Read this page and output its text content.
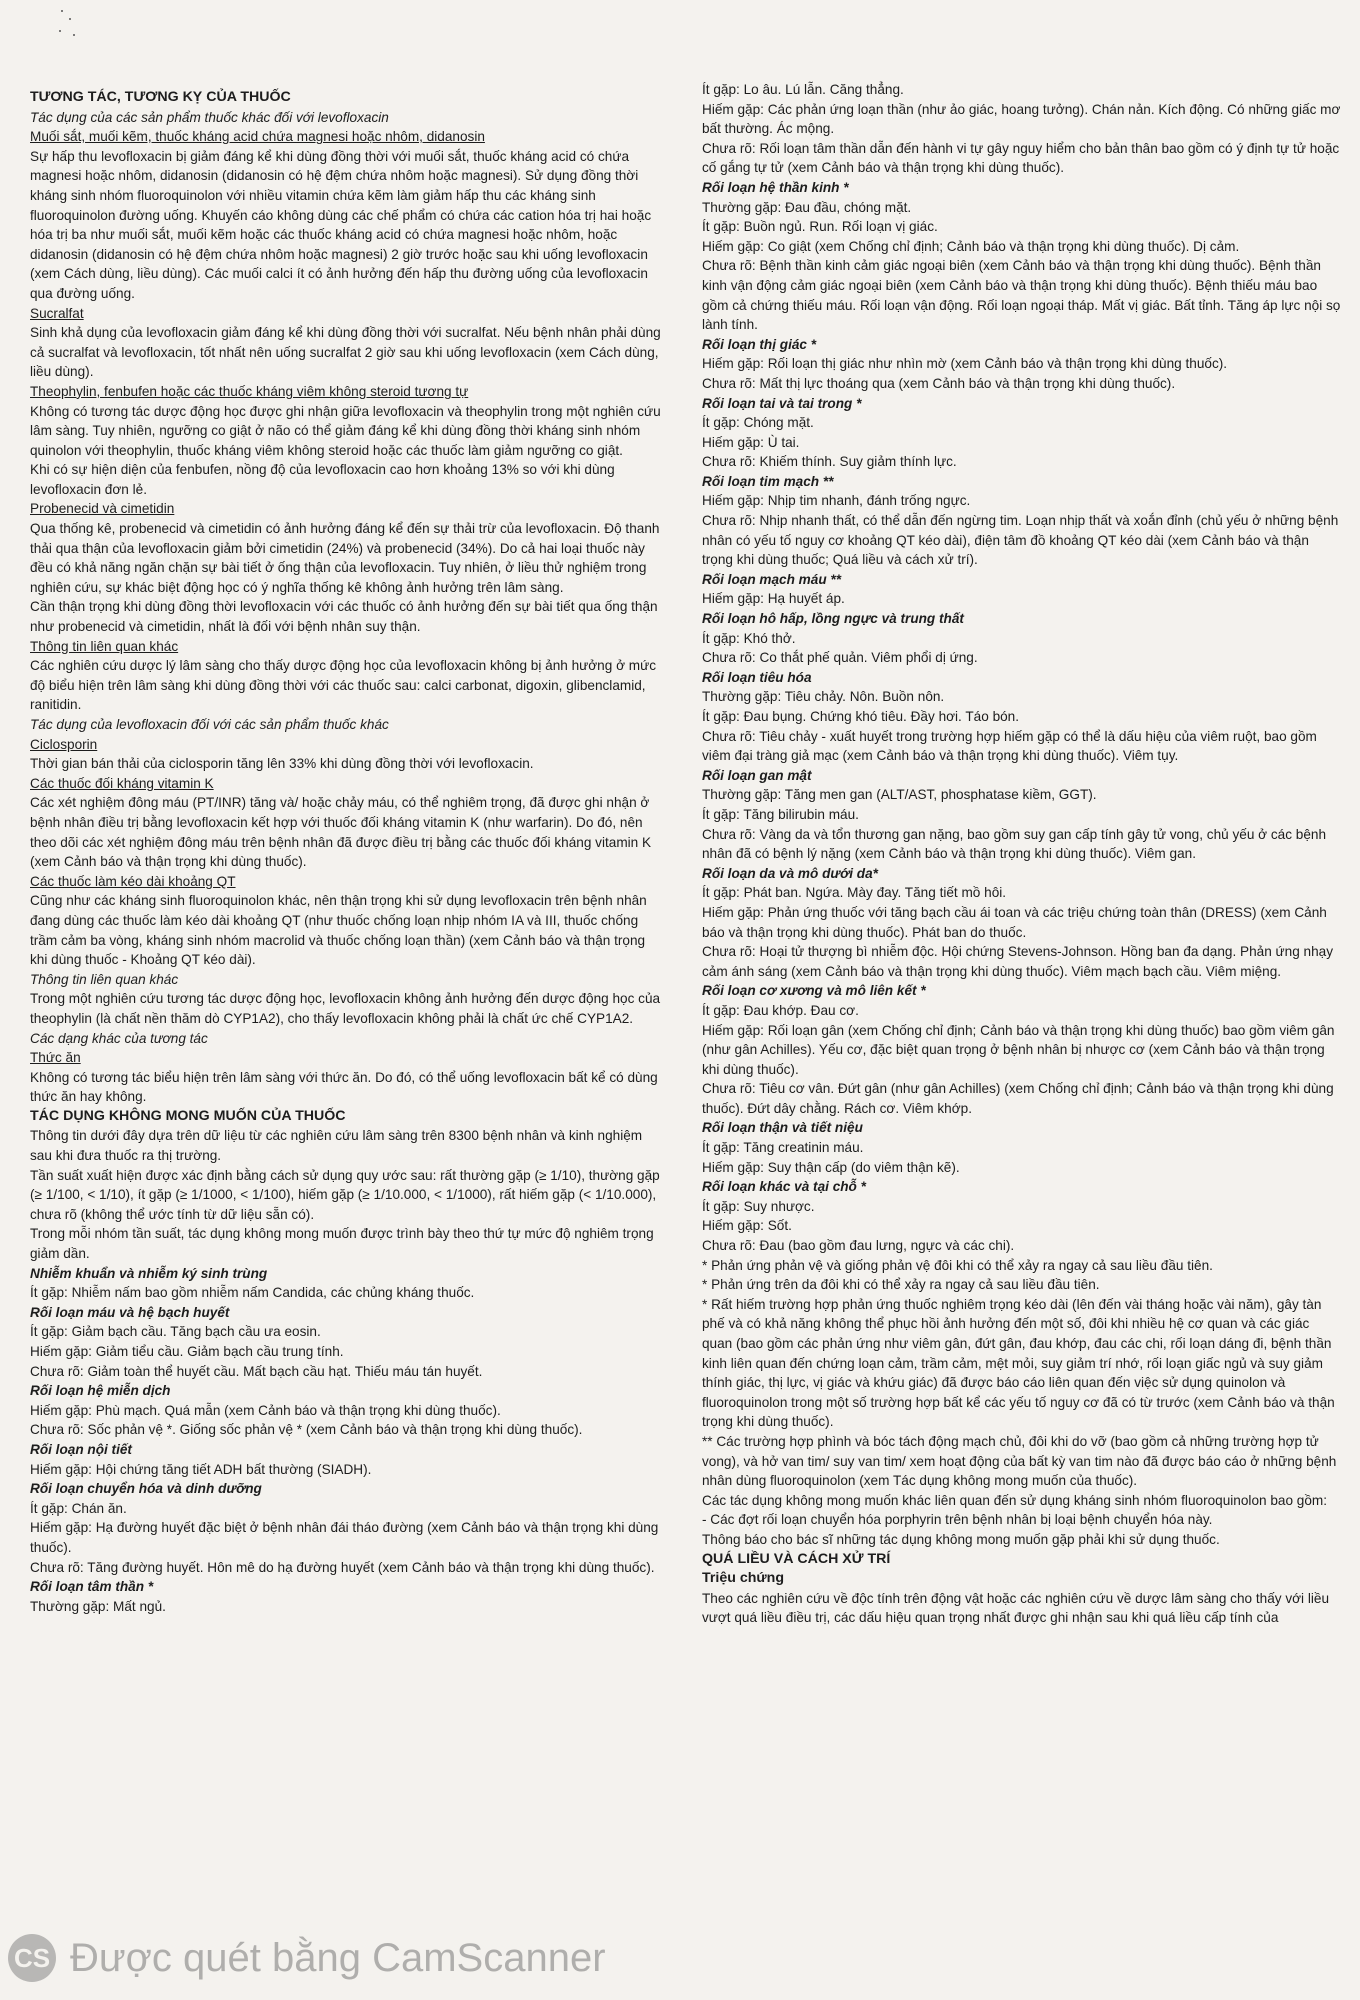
TƯƠNG TÁC, TƯƠNG KỴ CỦA THUỐC

Tác dụng của các sản phẩm thuốc khác đối với levofloxacin

Muối sắt, muối kẽm, thuốc kháng acid chứa magnesi hoặc nhôm, didanosin

Sự hấp thu levofloxacin bị giảm đáng kể khi dùng đồng thời với muối sắt, thuốc kháng acid có chứa magnesi hoặc nhôm, didanosin (didanosin có hệ đệm chứa nhôm hoặc magnesi). Sử dụng đồng thời kháng sinh nhóm fluoroquinolon với nhiều vitamin chứa kẽm làm giảm hấp thu các kháng sinh fluoroquinolon đường uống. Khuyến cáo không dùng các chế phẩm có chứa các cation hóa trị hai hoặc hóa trị ba như muối sắt, muối kẽm hoặc các thuốc kháng acid có chứa magnesi hoặc nhôm, hoặc didanosin (didanosin có hệ đệm chứa nhôm hoặc magnesi) 2 giờ trước hoặc sau khi uống levofloxacin (xem Cách dùng, liều dùng). Các muối calci ít có ảnh hưởng đến hấp thu đường uống của levofloxacin qua đường uống.

Sucralfat

Sinh khả dụng của levofloxacin giảm đáng kể khi dùng đồng thời với sucralfat. Nếu bệnh nhân phải dùng cả sucralfat và levofloxacin, tốt nhất nên uống sucralfat 2 giờ sau khi uống levofloxacin (xem Cách dùng, liều dùng).

Theophylin, fenbufen hoặc các thuốc kháng viêm không steroid tương tự

Không có tương tác dược động học được ghi nhận giữa levofloxacin và theophylin trong một nghiên cứu lâm sàng. Tuy nhiên, ngưỡng co giật ở não có thể giảm đáng kể khi dùng đồng thời kháng sinh nhóm quinolon với theophylin, thuốc kháng viêm không steroid hoặc các thuốc làm giảm ngưỡng co giật.

Khi có sự hiện diện của fenbufen, nồng độ của levofloxacin cao hơn khoảng 13% so với khi dùng levofloxacin đơn lẻ.

Probenecid và cimetidin

Qua thống kê, probenecid và cimetidin có ảnh hưởng đáng kể đến sự thải trừ của levofloxacin. Độ thanh thải qua thận của levofloxacin giảm bởi cimetidin (24%) và probenecid (34%). Do cả hai loại thuốc này đều có khả năng ngăn chặn sự bài tiết ở ống thận của levofloxacin. Tuy nhiên, ở liều thử nghiệm trong nghiên cứu, sự khác biệt động học có ý nghĩa thống kê không ảnh hưởng trên lâm sàng.

Cần thận trọng khi dùng đồng thời levofloxacin với các thuốc có ảnh hưởng đến sự bài tiết qua ống thận như probenecid và cimetidin, nhất là đối với bệnh nhân suy thận.

Thông tin liên quan khác

Các nghiên cứu dược lý lâm sàng cho thấy dược động học của levofloxacin không bị ảnh hưởng ở mức độ biểu hiện trên lâm sàng khi dùng đồng thời với các thuốc sau: calci carbonat, digoxin, glibenclamid, ranitidin.

Tác dụng của levofloxacin đối với các sản phẩm thuốc khác

Ciclosporin

Thời gian bán thải của ciclosporin tăng lên 33% khi dùng đồng thời với levofloxacin.

Các thuốc đối kháng vitamin K

Các xét nghiệm đông máu (PT/INR) tăng và/ hoặc chảy máu, có thể nghiêm trọng, đã được ghi nhận ở bệnh nhân điều trị bằng levofloxacin kết hợp với thuốc đối kháng vitamin K (như warfarin). Do đó, nên theo dõi các xét nghiệm đông máu trên bệnh nhân đã được điều trị bằng các thuốc đối kháng vitamin K (xem Cảnh báo và thận trọng khi dùng thuốc).

Các thuốc làm kéo dài khoảng QT

Cũng như các kháng sinh fluoroquinolon khác, nên thận trọng khi sử dụng levofloxacin trên bệnh nhân đang dùng các thuốc làm kéo dài khoảng QT (như thuốc chống loạn nhịp nhóm IA và III, thuốc chống trầm cảm ba vòng, kháng sinh nhóm macrolid và thuốc chống loạn thần) (xem Cảnh báo và thận trọng khi dùng thuốc - Khoảng QT kéo dài).

Thông tin liên quan khác

Trong một nghiên cứu tương tác dược động học, levofloxacin không ảnh hưởng đến dược động học của theophylin (là chất nền thăm dò CYP1A2), cho thấy levofloxacin không phải là chất ức chế CYP1A2.

Các dạng khác của tương tác

Thức ăn

Không có tương tác biểu hiện trên lâm sàng với thức ăn. Do đó, có thể uống levofloxacin bất kể có dùng thức ăn hay không.

TÁC DỤNG KHÔNG MONG MUỐN CỦA THUỐC

Thông tin dưới đây dựa trên dữ liệu từ các nghiên cứu lâm sàng trên 8300 bệnh nhân và kinh nghiệm sau khi đưa thuốc ra thị trường.

Tần suất xuất hiện được xác định bằng cách sử dụng quy ước sau: rất thường gặp (≥ 1/10), thường gặp (≥ 1/100, < 1/10), ít gặp (≥ 1/1000, < 1/100), hiếm gặp (≥ 1/10.000, < 1/1000), rất hiếm gặp (< 1/10.000), chưa rõ (không thể ước tính từ dữ liệu sẵn có).

Trong mỗi nhóm tần suất, tác dụng không mong muốn được trình bày theo thứ tự mức độ nghiêm trọng giảm dần.

Nhiễm khuẩn và nhiễm ký sinh trùng

Ít gặp: Nhiễm nấm bao gồm nhiễm nấm Candida, các chủng kháng thuốc.

Rối loạn máu và hệ bạch huyết

Ít gặp: Giảm bạch cầu. Tăng bạch cầu ưa eosin.

Hiếm gặp: Giảm tiểu cầu. Giảm bạch cầu trung tính.

Chưa rõ: Giảm toàn thể huyết cầu. Mất bạch cầu hạt. Thiếu máu tán huyết.

Rối loạn hệ miễn dịch

Hiếm gặp: Phù mạch. Quá mẫn (xem Cảnh báo và thận trọng khi dùng thuốc).

Chưa rõ: Sốc phản vệ *. Giống sốc phản vệ * (xem Cảnh báo và thận trọng khi dùng thuốc).

Rối loạn nội tiết

Hiếm gặp: Hội chứng tăng tiết ADH bất thường (SIADH).

Rối loạn chuyển hóa và dinh dưỡng

Ít gặp: Chán ăn.

Hiếm gặp: Hạ đường huyết đặc biệt ở bệnh nhân đái tháo đường (xem Cảnh báo và thận trọng khi dùng thuốc).

Chưa rõ: Tăng đường huyết. Hôn mê do hạ đường huyết (xem Cảnh báo và thận trọng khi dùng thuốc).

Rối loạn tâm thần *

Thường gặp: Mất ngủ.

Ít gặp: Lo âu. Lú lẫn. Căng thẳng.

Hiếm gặp: Các phản ứng loạn thần (như ảo giác, hoang tưởng). Chán nản. Kích động. Có những giấc mơ bất thường. Ác mộng.

Chưa rõ: Rối loạn tâm thần dẫn đến hành vi tự gây nguy hiểm cho bản thân bao gồm có ý định tự tử hoặc cố gắng tự tử (xem Cảnh báo và thận trọng khi dùng thuốc).

Rối loạn hệ thần kinh *

Thường gặp: Đau đầu, chóng mặt.

Ít gặp: Buồn ngủ. Run. Rối loạn vị giác.

Hiếm gặp: Co giật (xem Chống chỉ định; Cảnh báo và thận trọng khi dùng thuốc). Dị cảm.

Chưa rõ: Bệnh thần kinh cảm giác ngoại biên (xem Cảnh báo và thận trọng khi dùng thuốc). Bệnh thần kinh vận động cảm giác ngoại biên (xem Cảnh báo và thận trọng khi dùng thuốc). Bệnh thiếu máu bao gồm cả chứng thiếu máu. Rối loạn vận động. Rối loạn ngoại tháp. Mất vị giác. Bất tỉnh. Tăng áp lực nội sọ lành tính.

Rối loạn thị giác *

Hiếm gặp: Rối loạn thị giác như nhìn mờ (xem Cảnh báo và thận trọng khi dùng thuốc).

Chưa rõ: Mất thị lực thoáng qua (xem Cảnh báo và thận trọng khi dùng thuốc).

Rối loạn tai và tai trong *

Ít gặp: Chóng mặt.

Hiếm gặp: Ù tai.

Chưa rõ: Khiếm thính. Suy giảm thính lực.

Rối loạn tim mạch **

Hiếm gặp: Nhịp tim nhanh, đánh trống ngực.

Chưa rõ: Nhịp nhanh thất, có thể dẫn đến ngừng tim. Loạn nhịp thất và xoắn đỉnh (chủ yếu ở những bệnh nhân có yếu tố nguy cơ khoảng QT kéo dài), điện tâm đồ khoảng QT kéo dài (xem Cảnh báo và thận trọng khi dùng thuốc; Quá liều và cách xử trí).

Rối loạn mạch máu **

Hiếm gặp: Hạ huyết áp.

Rối loạn hô hấp, lồng ngực và trung thất

Ít gặp: Khó thở.

Chưa rõ: Co thắt phế quản. Viêm phổi dị ứng.

Rối loạn tiêu hóa

Thường gặp: Tiêu chảy. Nôn. Buồn nôn.

Ít gặp: Đau bụng. Chứng khó tiêu. Đầy hơi. Táo bón.

Chưa rõ: Tiêu chảy - xuất huyết trong trường hợp hiếm gặp có thể là dấu hiệu của viêm ruột, bao gồm viêm đại tràng giả mạc (xem Cảnh báo và thận trọng khi dùng thuốc). Viêm tụy.

Rối loạn gan mật

Thường gặp: Tăng men gan (ALT/AST, phosphatase kiềm, GGT).

Ít gặp: Tăng bilirubin máu.

Chưa rõ: Vàng da và tổn thương gan nặng, bao gồm suy gan cấp tính gây tử vong, chủ yếu ở các bệnh nhân đã có bệnh lý nặng (xem Cảnh báo và thận trọng khi dùng thuốc). Viêm gan.

Rối loạn da và mô dưới da*

Ít gặp: Phát ban. Ngứa. Mày đay. Tăng tiết mồ hôi.

Hiếm gặp: Phản ứng thuốc với tăng bạch cầu ái toan và các triệu chứng toàn thân (DRESS) (xem Cảnh báo và thận trọng khi dùng thuốc). Phát ban do thuốc.

Chưa rõ: Hoại tử thượng bì nhiễm độc. Hội chứng Stevens-Johnson. Hồng ban đa dạng. Phản ứng nhạy cảm ánh sáng (xem Cảnh báo và thận trọng khi dùng thuốc). Viêm mạch bạch cầu. Viêm miệng.

Rối loạn cơ xương và mô liên kết *

Ít gặp: Đau khớp. Đau cơ.

Hiếm gặp: Rối loạn gân (xem Chống chỉ định; Cảnh báo và thận trọng khi dùng thuốc) bao gồm viêm gân (như gân Achilles). Yếu cơ, đặc biệt quan trọng ở bệnh nhân bị nhược cơ (xem Cảnh báo và thận trọng khi dùng thuốc).

Chưa rõ: Tiêu cơ vân. Đứt gân (như gân Achilles) (xem Chống chỉ định; Cảnh báo và thận trọng khi dùng thuốc). Đứt dây chằng. Rách cơ. Viêm khớp.

Rối loạn thận và tiết niệu

Ít gặp: Tăng creatinin máu.

Hiếm gặp: Suy thận cấp (do viêm thận kẽ).

Rối loạn khác và tại chỗ *

Ít gặp: Suy nhược.

Hiếm gặp: Sốt.

Chưa rõ: Đau (bao gồm đau lưng, ngực và các chi).

* Phản ứng phản vệ và giống phản vệ đôi khi có thể xảy ra ngay cả sau liều đầu tiên.

* Phản ứng trên da đôi khi có thể xảy ra ngay cả sau liều đầu tiên.

* Rất hiếm trường hợp phản ứng thuốc nghiêm trọng kéo dài (lên đến vài tháng hoặc vài năm), gây tàn phế và có khả năng không thể phục hồi ảnh hưởng đến một số, đôi khi nhiều hệ cơ quan và các giác quan (bao gồm các phản ứng như viêm gân, đứt gân, đau khớp, đau các chi, rối loạn dáng đi, bệnh thần kinh liên quan đến chứng loạn cảm, trầm cảm, mệt mỏi, suy giảm trí nhớ, rối loạn giấc ngủ và suy giảm thính giác, thị lực, vị giác và khứu giác) đã được báo cáo liên quan đến việc sử dụng quinolon và fluoroquinolon trong một số trường hợp bất kể các yếu tố nguy cơ đã có từ trước (xem Cảnh báo và thận trọng khi dùng thuốc).

** Các trường hợp phình và bóc tách động mạch chủ, đôi khi do vỡ (bao gồm cả những trường hợp tử vong), và hở van tim/ suy van tim/ xem hoạt động của bất kỳ van tim nào đã được báo cáo ở những bệnh nhân dùng fluoroquinolon (xem Tác dụng không mong muốn của thuốc).

Các tác dụng không mong muốn khác liên quan đến sử dụng kháng sinh nhóm fluoroquinolon bao gồm:

- Các đợt rối loạn chuyển hóa porphyrin trên bệnh nhân bị loại bệnh chuyển hóa này.

Thông báo cho bác sĩ những tác dụng không mong muốn gặp phải khi sử dụng thuốc.

QUÁ LIỀU VÀ CÁCH XỬ TRÍ

Triệu chứng

Theo các nghiên cứu về độc tính trên động vật hoặc các nghiên cứu về dược lâm sàng cho thấy với liều vượt quá liều điều trị, các dấu hiệu quan trọng nhất được ghi nhận sau khi quá liều cấp tính của

CS Được quét bằng CamScanner
